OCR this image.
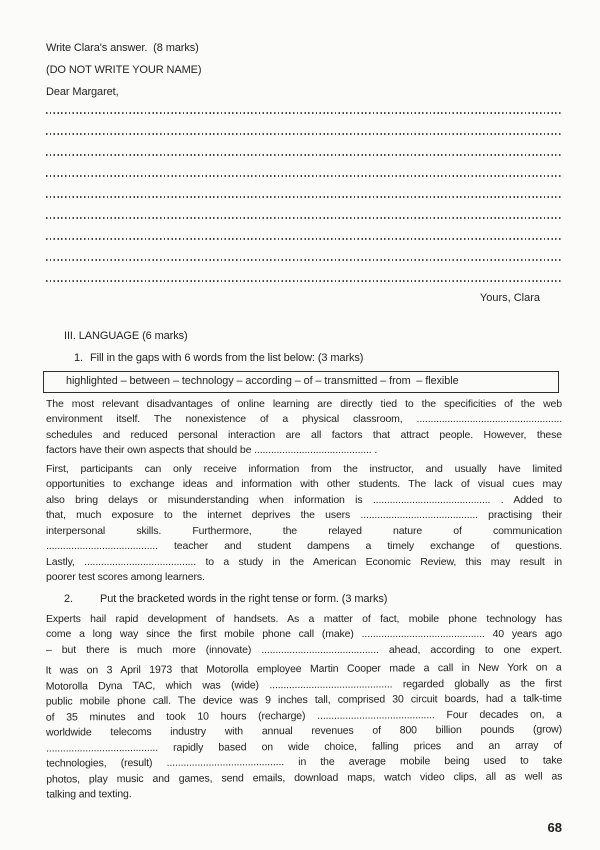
Write Clara's answer.  (8 marks)
(DO NOT WRITE YOUR NAME)
Dear Margaret,
Yours, Clara
III. LANGUAGE (6 marks)
1. Fill in the gaps with 6 words from the list below: (3 marks)
highlighted – between – technology – according – of – transmitted – from  – flexible
The most relevant disadvantages of online learning are directly tied to the specificities of the web
environment itself. The nonexistence of a physical classroom, ....................................................
schedules and reduced personal interaction are all factors that attract people. However, these
factors have their own aspects that should be .......................................... .
First, participants can only receive information from the instructor, and usually have limited
opportunities to exchange ideas and information with other students. The lack of visual cues may
also bring delays or misunderstanding when information is .......................................... . Added to
that, much exposure to the internet deprives the users .......................................... practising their
interpersonal skills. Furthermore, the relayed nature of communication
........................................ teacher and student dampens a timely exchange of questions.
Lastly, ........................................ to a study in the American Economic Review, this may result in
poorer test scores among learners.
2. Put the bracketed words in the right tense or form. (3 marks)
Experts hail rapid development of handsets. As a matter of fact, mobile phone technology has
come a long way since the first mobile phone call (make) ............................................ 40 years ago
– but there is much more (innovate) .......................................... ahead, according to one expert.
It was on 3 April 1973 that Motorolla employee Martin Cooper made a call in New York on a
Motorolla Dyna TAC, which was (wide) ............................................ regarded globally as the first
public mobile phone call. The device was 9 inches tall, comprised 30 circuit boards, had a talk-time
of 35 minutes and took 10 hours (recharge) .......................................... Four decades on, a
worldwide telecoms industry with annual revenues of 800 billion pounds (grow)
........................................ rapidly based on wide choice, falling prices and an array of
technologies, (result) .......................................... in the average mobile being used to take
photos, play music and games, send emails, download maps, watch video clips, all as well as
talking and texting.
68
